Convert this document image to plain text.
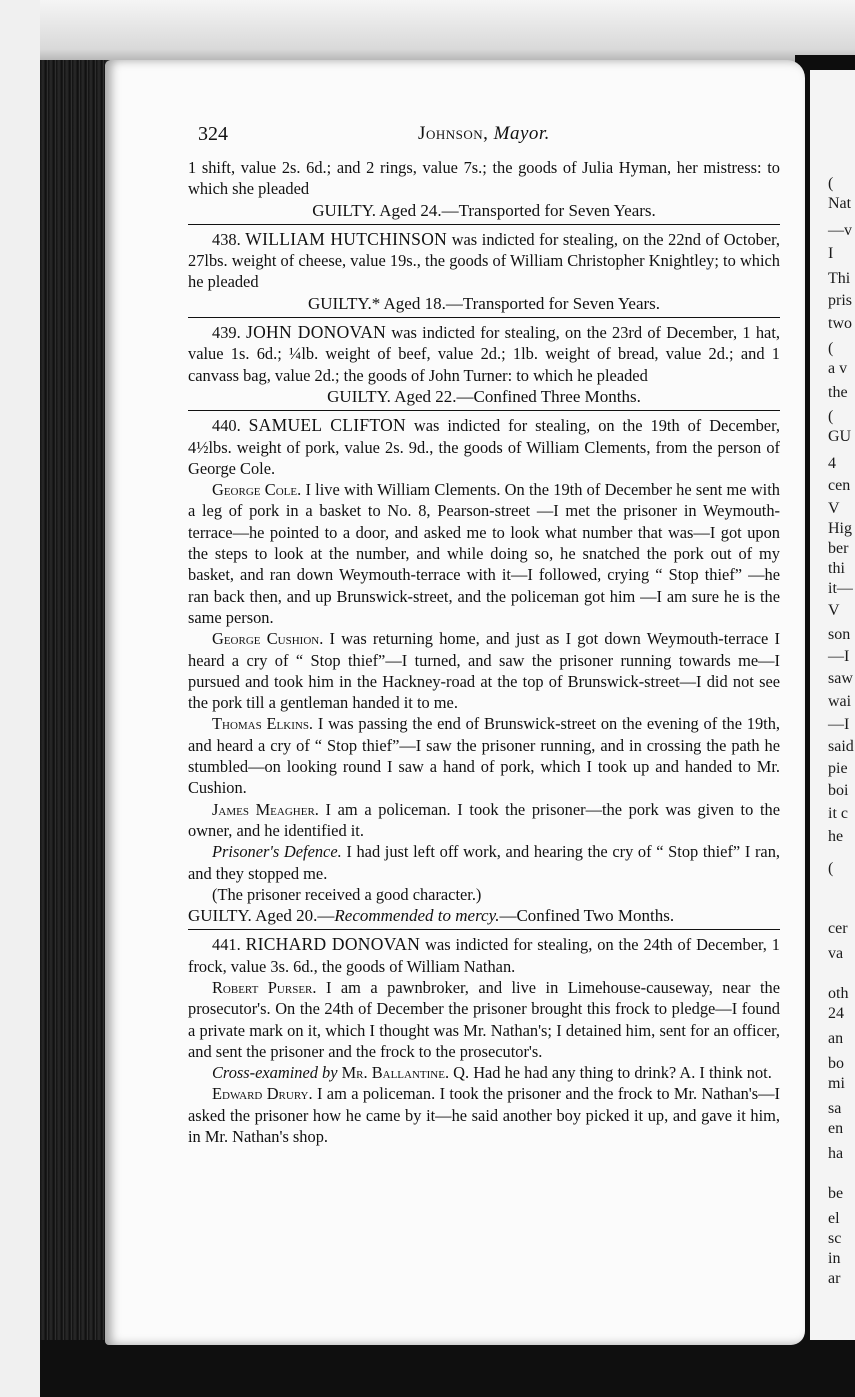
(
Nat
—v
I
Thi
pris
two
(
a v
the
(
GU
4
cen
V
Hig
ber
thi
it—
V
son
—I
saw
wai
—I
said
pie
boi
it c
he
(
cer
va
oth
24
an
bo
mi
sa
en
ha
be
el
sc
in
ar
324	Johnson, Mayor.

1 shift, value 2s. 6d.; and 2 rings, value 7s.; the goods of Julia Hyman, her mistress: to which she pleaded

GUILTY. Aged 24.—Transported for Seven Years.

438. WILLIAM HUTCHINSON was indicted for stealing, on the 22nd of October, 27lbs. weight of cheese, value 19s., the goods of William Christopher Knightley; to which he pleaded

GUILTY.* Aged 18.—Transported for Seven Years.

439. JOHN DONOVAN was indicted for stealing, on the 23rd of December, 1 hat, value 1s. 6d.; ¼lb. weight of beef, value 2d.; 1lb. weight of bread, value 2d.; and 1 canvass bag, value 2d.; the goods of John Turner: to which he pleaded

GUILTY. Aged 22.—Confined Three Months.

440. SAMUEL CLIFTON was indicted for stealing, on the 19th of December, 4½lbs. weight of pork, value 2s. 9d., the goods of William Clements, from the person of George Cole.

George Cole. I live with William Clements. On the 19th of December he sent me with a leg of pork in a basket to No. 8, Pearson-street —I met the prisoner in Weymouth-terrace—he pointed to a door, and asked me to look what number that was—I got upon the steps to look at the number, and while doing so, he snatched the pork out of my basket, and ran down Weymouth-terrace with it—I followed, crying “ Stop thief” —he ran back then, and up Brunswick-street, and the policeman got him —I am sure he is the same person.

George Cushion. I was returning home, and just as I got down Weymouth-terrace I heard a cry of “ Stop thief”—I turned, and saw the prisoner running towards me—I pursued and took him in the Hackney-road at the top of Brunswick-street—I did not see the pork till a gentleman handed it to me.

Thomas Elkins. I was passing the end of Brunswick-street on the evening of the 19th, and heard a cry of “ Stop thief”—I saw the prisoner running, and in crossing the path he stumbled—on looking round I saw a hand of pork, which I took up and handed to Mr. Cushion.

James Meagher. I am a policeman. I took the prisoner—the pork was given to the owner, and he identified it.

Prisoner's Defence. I had just left off work, and hearing the cry of “ Stop thief” I ran, and they stopped me.

(The prisoner received a good character.)

GUILTY. Aged 20.—Recommended to mercy.—Confined Two Months.

441. RICHARD DONOVAN was indicted for stealing, on the 24th of December, 1 frock, value 3s. 6d., the goods of William Nathan.

Robert Purser. I am a pawnbroker, and live in Limehouse-causeway, near the prosecutor's. On the 24th of December the prisoner brought this frock to pledge—I found a private mark on it, which I thought was Mr. Nathan's; I detained him, sent for an officer, and sent the prisoner and the frock to the prosecutor's.

Cross-examined by Mr. Ballantine. Q. Had he had any thing to drink? A. I think not.

Edward Drury. I am a policeman. I took the prisoner and the frock to Mr. Nathan's—I asked the prisoner how he came by it—he said another boy picked it up, and gave it him, in Mr. Nathan's shop.
